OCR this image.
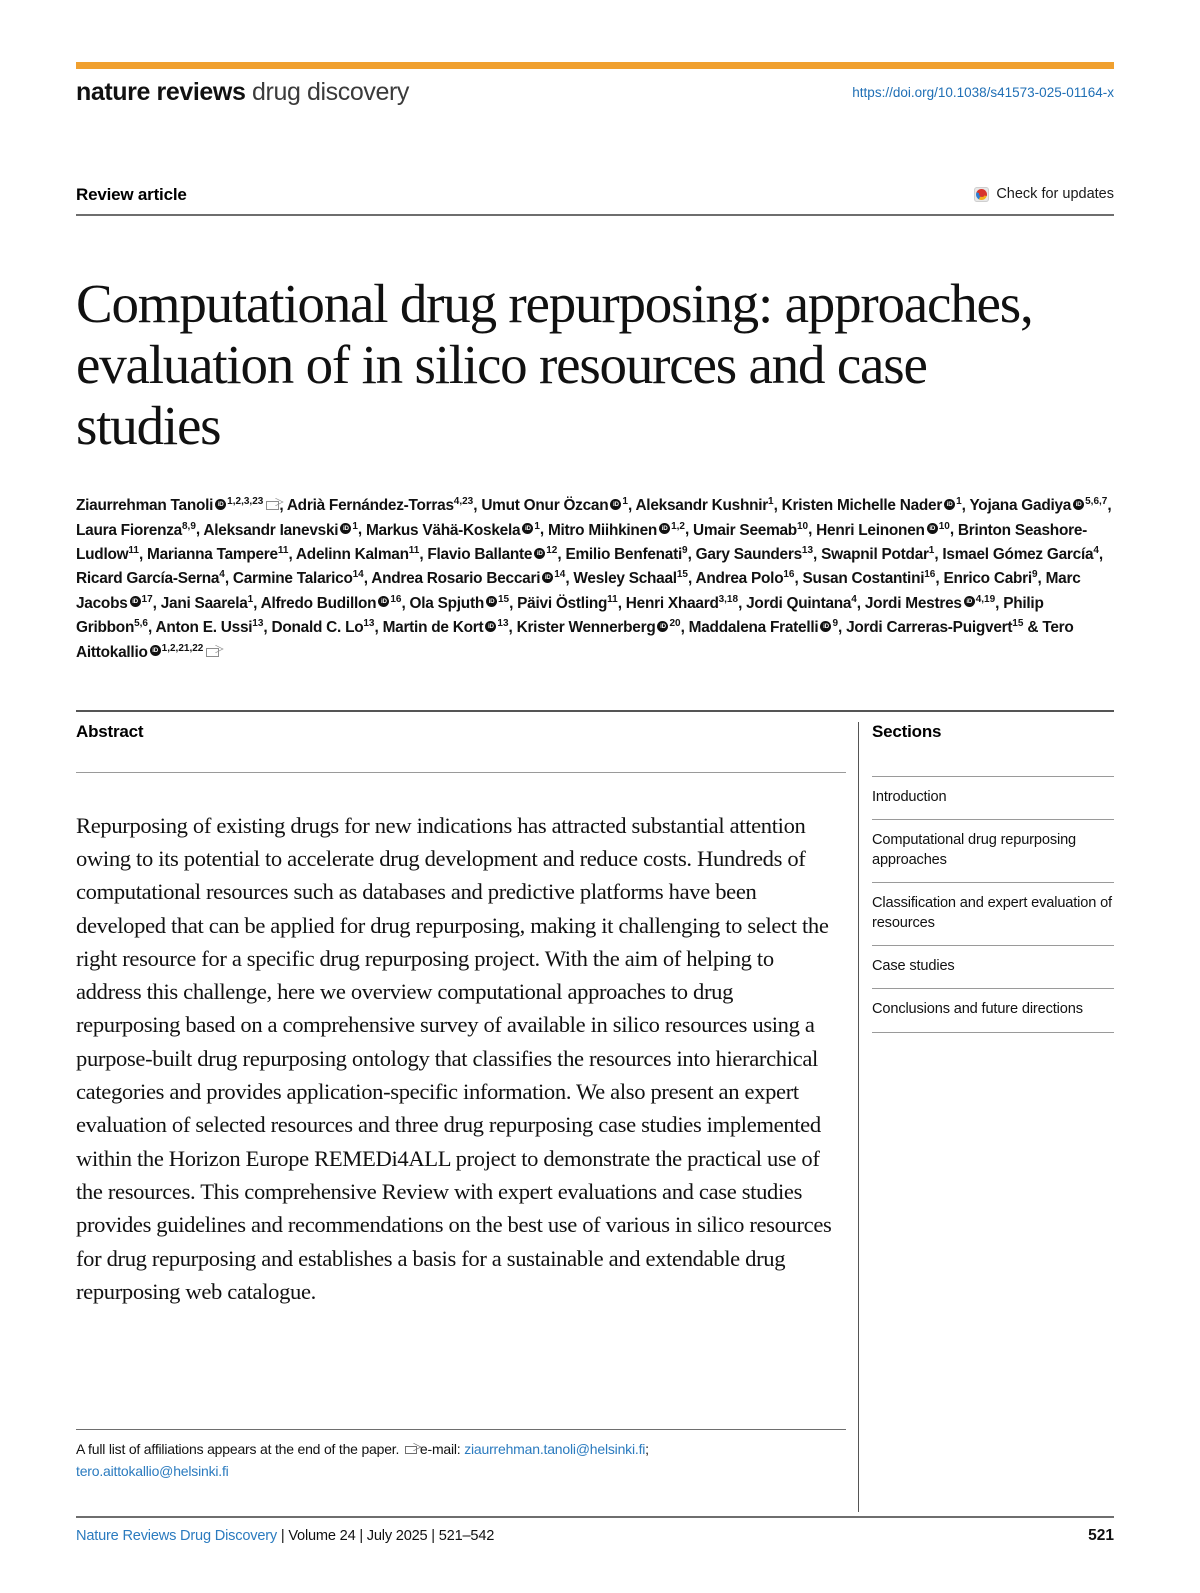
nature reviews drug discovery	https://doi.org/10.1038/s41573-025-01164-x
Review article	Check for updates
Computational drug repurposing: approaches, evaluation of in silico resources and case studies
Ziaurrehman Tanoli iD $^{1,2,3,23}$ , Adrià Fernández-Torras$^{4,23}$, Umut Onur Özcan iD $^1$, Aleksandr Kushnir$^1$, Kristen Michelle Nader iD $^1$, Yojana Gadiya iD $^{5,6,7}$, Laura Fiorenza$^{8,9}$, Aleksandr Ianevski iD $^1$, Markus Vähä-Koskela iD $^1$, Mitro Miihkinen iD $^{1,2}$, Umair Seemab$^{10}$, Henri Leinonen iD $^{10}$, Brinton Seashore-Ludlow$^{11}$, Marianna Tampere$^{11}$, Adelinn Kalman$^{11}$, Flavio Ballante iD $^{12}$, Emilio Benfenati$^9$, Gary Saunders$^{13}$, Swapnil Potdar$^1$, Ismael Gómez García$^4$, Ricard García-Serna$^4$, Carmine Talarico$^{14}$, Andrea Rosario Beccari iD $^{14}$, Wesley Schaal$^{15}$, Andrea Polo$^{16}$, Susan Costantini$^{16}$, Enrico Cabri$^9$, Marc Jacobs iD $^{17}$, Jani Saarela$^1$, Alfredo Budillon iD $^{16}$, Ola Spjuth iD $^{15}$, Päivi Östling$^{11}$, Henri Xhaard$^{3,18}$, Jordi Quintana$^4$, Jordi Mestres iD $^{4,19}$, Philip Gribbon$^{5,6}$, Anton E. Ussi$^{13}$, Donald C. Lo$^{13}$, Martin de Kort iD $^{13}$, Krister Wennerberg iD $^{20}$, Maddalena Fratelli iD $^9$, Jordi Carreras-Puigvert$^{15}$ & Tero Aittokallio iD $^{1,2,21,22}$
Abstract

Repurposing of existing drugs for new indications has attracted substantial attention owing to its potential to accelerate drug development and reduce costs. Hundreds of computational resources such as databases and predictive platforms have been developed that can be applied for drug repurposing, making it challenging to select the right resource for a specific drug repurposing project. With the aim of helping to address this challenge, here we overview computational approaches to drug repurposing based on a comprehensive survey of available in silico resources using a purpose-built drug repurposing ontology that classifies the resources into hierarchical categories and provides application-specific information. We also present an expert evaluation of selected resources and three drug repurposing case studies implemented within the Horizon Europe REMEDi4ALL project to demonstrate the practical use of the resources. This comprehensive Review with expert evaluations and case studies provides guidelines and recommendations on the best use of various in silico resources for drug repurposing and establishes a basis for a sustainable and extendable drug repurposing web catalogue.

Sections
Introduction
Computational drug repurposing approaches
Classification and expert evaluation of resources
Case studies
Conclusions and future directions
A full list of affiliations appears at the end of the paper. e-mail: ziaurrehman.tanoli@helsinki.fi;
tero.aittokallio@helsinki.fi
Nature Reviews Drug Discovery | Volume 24 | July 2025 | 521–542	521
